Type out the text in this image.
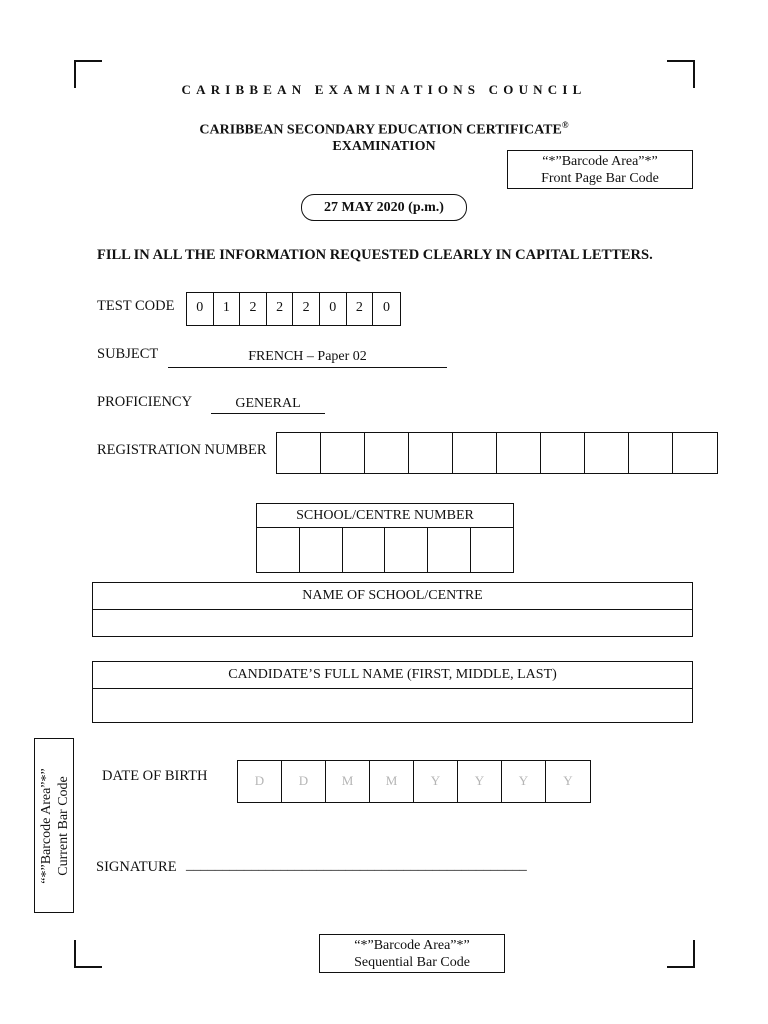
CARIBBEAN EXAMINATIONS COUNCIL
CARIBBEAN SECONDARY EDUCATION CERTIFICATE®
EXAMINATION
“*”Barcode Area”*”
Front Page Bar Code
27 MAY 2020 (p.m.)
FILL IN ALL THE INFORMATION REQUESTED CLEARLY IN CAPITAL LETTERS.
TEST CODE	0	1	2	2	2	0	2	0
SUBJECT	FRENCH – Paper 02
PROFICIENCY	GENERAL
REGISTRATION NUMBER
SCHOOL/CENTRE NUMBER
NAME OF SCHOOL/CENTRE
CANDIDATE’S FULL NAME (FIRST, MIDDLE, LAST)
“*”Barcode Area”*” Current Bar Code
DATE OF BIRTH	D	D	M	M	Y	Y	Y	Y
SIGNATURE _______________________________________________
“*”Barcode Area”*”
Sequential Bar Code
